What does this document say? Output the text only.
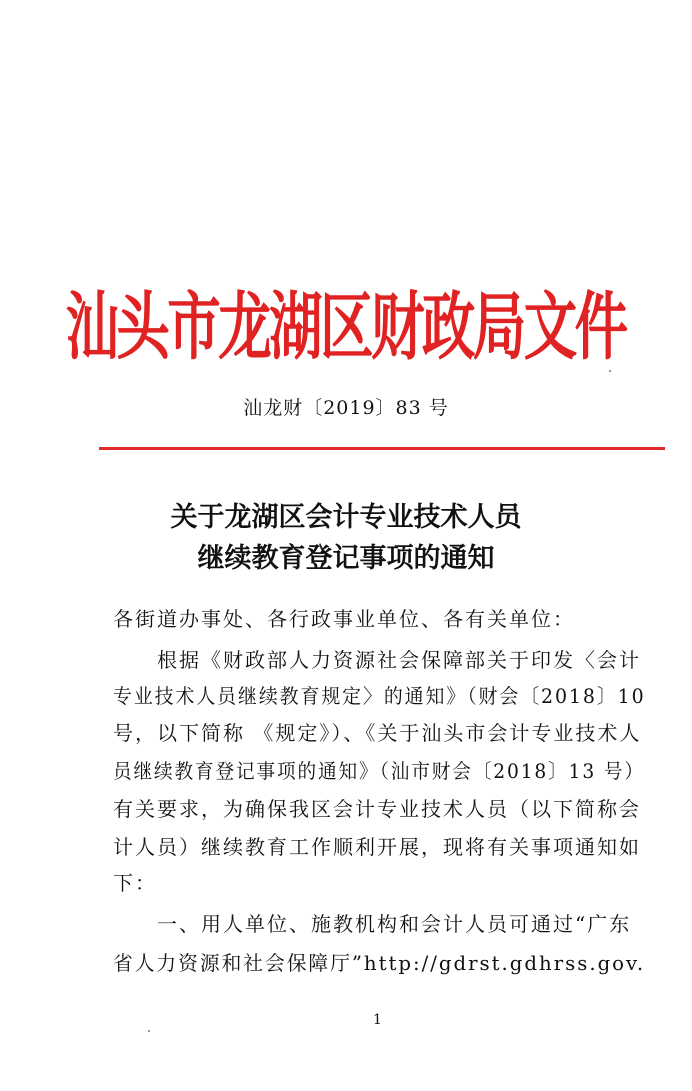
汕头市龙湖区财政局文件
汕龙财〔2019〕83 号
关于龙湖区会计专业技术人员
继续教育登记事项的通知
各街道办事处、各行政事业单位、各有关单位：
　　根据《财政部人力资源社会保障部关于印发〈会计
专业技术人员继续教育规定〉的通知》（财会〔2018〕10
号，以下简称 《规定》）、《关于汕头市会计专业技术人
员继续教育登记事项的通知》（汕市财会〔2018〕13 号）
有关要求，为确保我区会计专业技术人员（以下简称会
计人员）继续教育工作顺利开展，现将有关事项通知如
下：
　　一、用人单位、施教机构和会计人员可通过“广东
省人力资源和社会保障厅”http://gdrst.gdhrss.gov.
1
